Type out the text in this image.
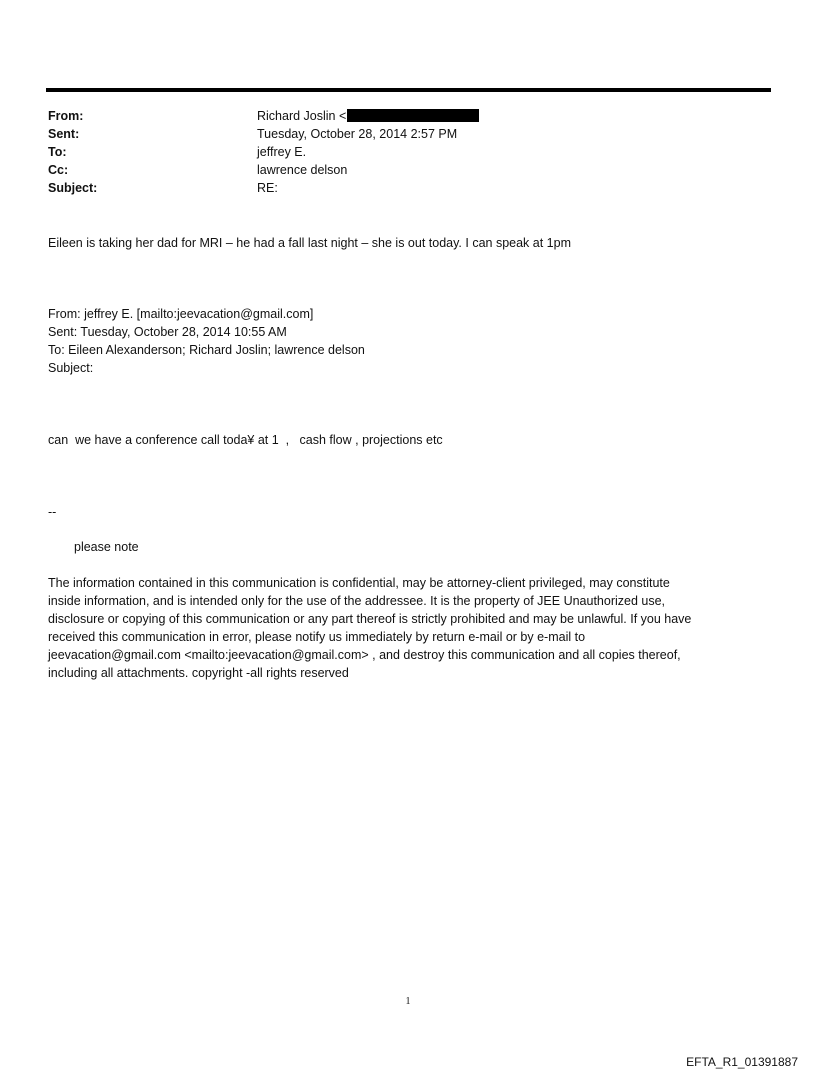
From:	Richard Joslin <
Sent:	Tuesday, October 28, 2014 2:57 PM
To:	jeffrey E.
Cc:	lawrence delson
Subject:	RE:
Eileen is taking her dad for MRI – he had a fall last night – she is out today. I can speak at 1pm
From: jeffrey E. [mailto:jeevacation@gmail.com]
Sent: Tuesday, October 28, 2014 10:55 AM
To: Eileen Alexanderson; Richard Joslin; lawrence delson
Subject:
can  we have a conference call toda¥ at 1  ,   cash flow , projections etc
--
please note
The information contained in this communication is confidential, may be attorney-client privileged, may constitute
inside information, and is intended only for the use of the addressee. It is the property of JEE Unauthorized use,
disclosure or copying of this communication or any part thereof is strictly prohibited and may be unlawful. If you have
received this communication in error, please notify us immediately by return e-mail or by e-mail to
jeevacation@gmail.com <mailto:jeevacation@gmail.com> , and destroy this communication and all copies thereof,
including all attachments. copyright -all rights reserved
1
EFTA_R1_01391887
